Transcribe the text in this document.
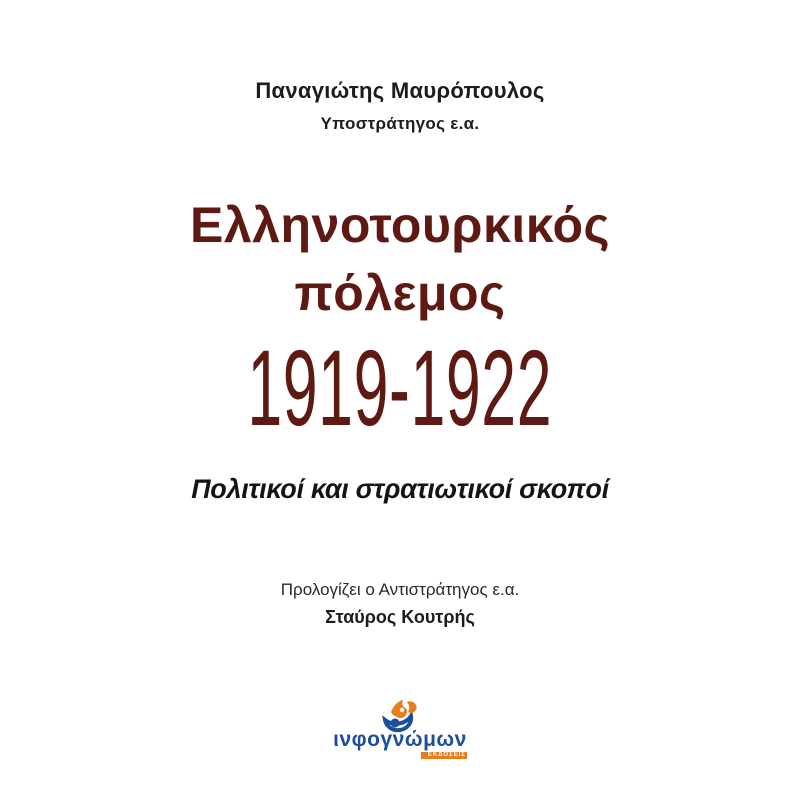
Παναγιώτης Μαυρόπουλος
Υποστράτηγος ε.α.
Ελληνοτουρκικός
πόλεμος
1919-1922
Πολιτικοί και στρατιωτικοί σκοποί
Προλογίζει ο Αντιστράτηγος ε.α.
Σταύρος Κουτρής
ινφογνώμων
ΕΚΔΟΣΕΙΣ
